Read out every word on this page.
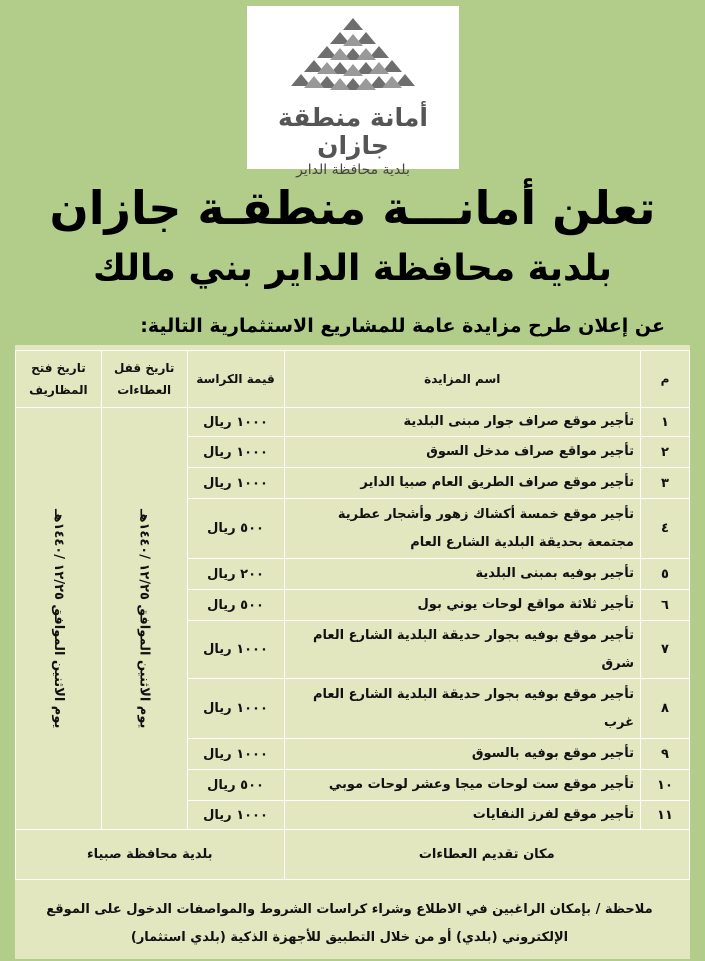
أمانة منطقة جازان
بلدية محافظة الداير
تعلن أمانـــة منطقـة جازان
بلدية محافظة الداير بني مالك
عن إعلان طرح مزايدة عامة للمشاريع الاستثمارية التالية:
م	اسم المزايدة	قيمة الكراسة	تاريخ قفل العطاءات	تاريخ فتح المظاريف
١	تأجير موقع صراف جوار مبنى البلدية	١٠٠٠ ريال	يوم الاثنين الموافق ١٢/٢٥ /١٤٤٠هـ	يوم الاثنين الموافق ١٢/٢٥ /١٤٤٠هـ
٢	تأجير مواقع صراف مدخل السوق	١٠٠٠ ريال		
٣	تأجير موقع صراف الطريق العام صبيا الداير	١٠٠٠ ريال		
٤	تأجير موقع خمسة أكشاك زهور وأشجار عطرية مجتمعة بحديقة البلدية الشارع العام	٥٠٠ ريال		
٥	تأجير بوفيه بمبنى البلدية	٢٠٠ ريال		
٦	تأجير ثلاثة مواقع لوحات يوني بول	٥٠٠ ريال		
٧	تأجير موقع بوفيه بجوار حديقة البلدية الشارع العام شرق	١٠٠٠ ريال		
٨	تأجير موقع بوفيه بجوار حديقة البلدية الشارع العام غرب	١٠٠٠ ريال		
٩	تأجير موقع بوفيه بالسوق	١٠٠٠ ريال		
١٠	تأجير موقع ست لوحات ميجا وعشر لوحات موبي	٥٠٠ ريال		
١١	تأجير موقع لفرز النفايات	١٠٠٠ ريال		
مكان تقديم العطاءات		بلدية محافظة صبياء		

ملاحظة / بإمكان الراغبين في الاطلاع وشراء كراسات الشروط والمواصفات الدخول على الموقع

الإلكتروني (بلدي) أو من خلال التطبيق للأجهزة الذكية (بلدي استثمار)
